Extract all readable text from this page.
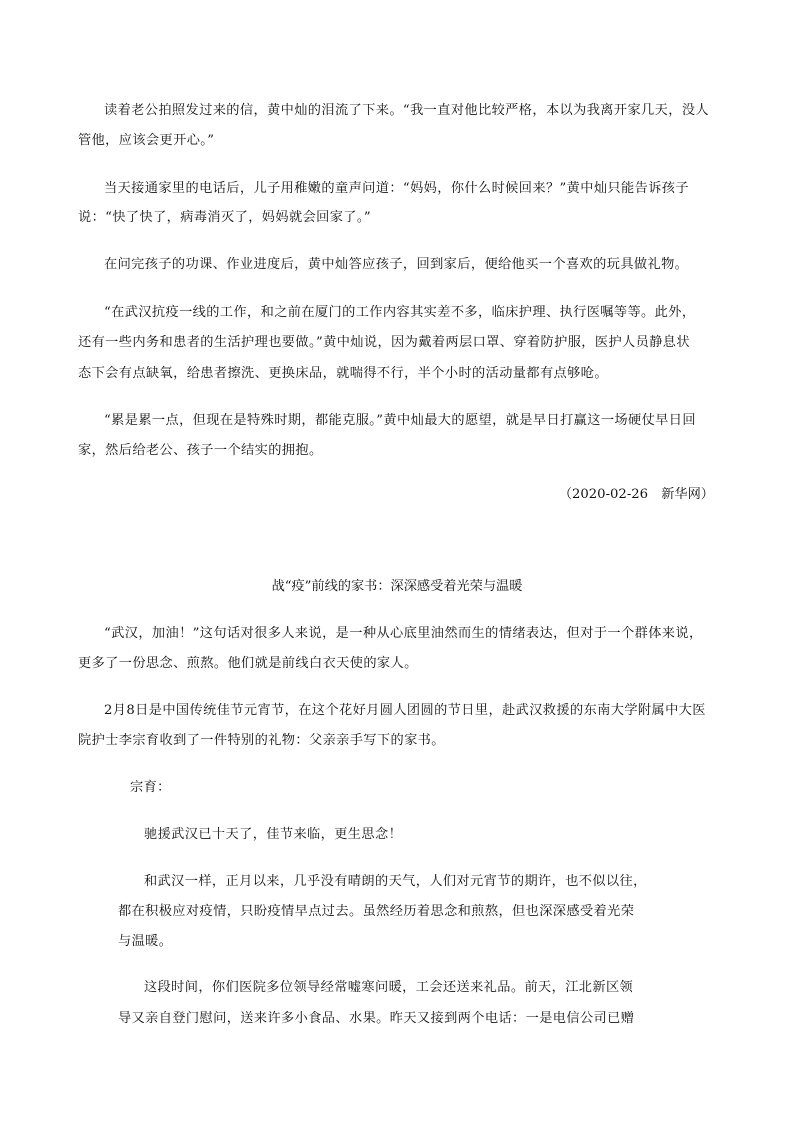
读着老公拍照发过来的信，黄中灿的泪流了下来。“我一直对他比较严格，本以为我离开家几天，没人
管他，应该会更开心。”
当天接通家里的电话后，儿子用稚嫩的童声问道：“妈妈，你什么时候回来？”黄中灿只能告诉孩子
说：“快了快了，病毒消灭了，妈妈就会回家了。”
在问完孩子的功课、作业进度后，黄中灿答应孩子，回到家后，便给他买一个喜欢的玩具做礼物。
“在武汉抗疫一线的工作，和之前在厦门的工作内容其实差不多，临床护理、执行医嘱等等。此外，
还有一些内务和患者的生活护理也要做。”黄中灿说，因为戴着两层口罩、穿着防护服，医护人员静息状
态下会有点缺氧，给患者擦洗、更换床品，就喘得不行，半个小时的活动量都有点够呛。
“累是累一点，但现在是特殊时期，都能克服。”黄中灿最大的愿望，就是早日打赢这一场硬仗早日回
家，然后给老公、孩子一个结实的拥抱。
（2020-02-26　新华网）
战“疫”前线的家书：深深感受着光荣与温暖
“武汉，加油！”这句话对很多人来说，是一种从心底里油然而生的情绪表达，但对于一个群体来说，
更多了一份思念、煎熬。他们就是前线白衣天使的家人。
2月8日是中国传统佳节元宵节，在这个花好月圆人团圆的节日里，赴武汉救援的东南大学附属中大医
院护士李宗育收到了一件特别的礼物：父亲亲手写下的家书。
宗育：
驰援武汉已十天了，佳节来临，更生思念！
和武汉一样，正月以来，几乎没有晴朗的天气，人们对元宵节的期许，也不似以往，
都在积极应对疫情，只盼疫情早点过去。虽然经历着思念和煎熬，但也深深感受着光荣
与温暖。
这段时间，你们医院多位领导经常嘘寒问暖，工会还送来礼品。前天，江北新区领
导又亲自登门慰问，送来许多小食品、水果。昨天又接到两个电话：一是电信公司已赠
